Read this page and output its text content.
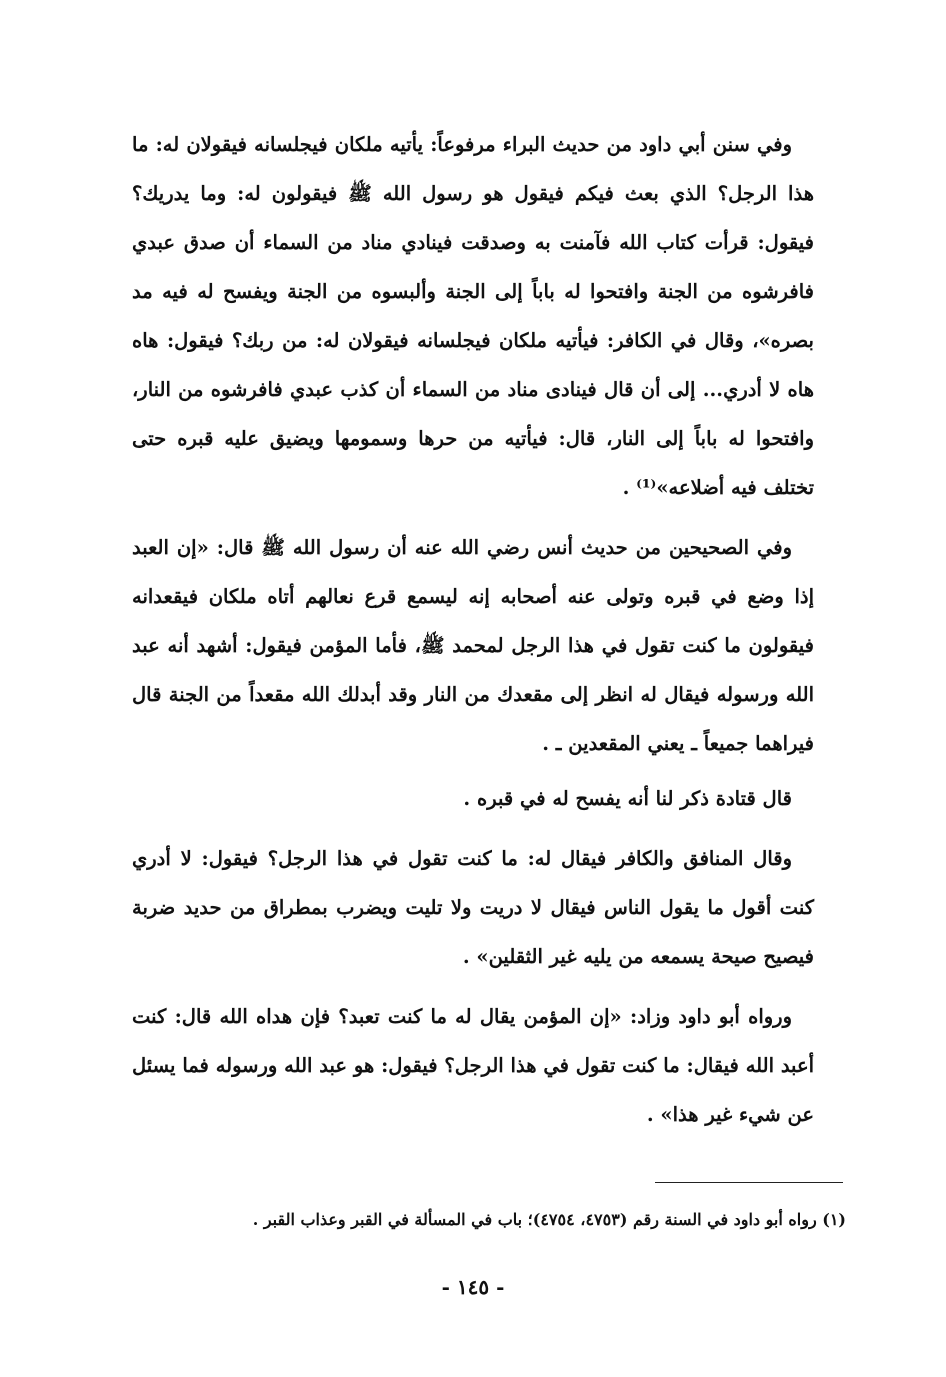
وفي سنن أبي داود من حديث البراء مرفوعاً: يأتيه ملكان فيجلسانه فيقولان له: ما هذا الرجل؟ الذي بعث فيكم فيقول هو رسول الله ﷺ فيقولون له: وما يدريك؟ فيقول: قرأت كتاب الله فآمنت به وصدقت فينادي مناد من السماء أن صدق عبدي فافرشوه من الجنة وافتحوا له باباً إلى الجنة وألبسوه من الجنة ويفسح له فيه مد بصره»، وقال في الكافر: فيأتيه ملكان فيجلسانه فيقولان له: من ربك؟ فيقول: هاه هاه لا أدري... إلى أن قال فينادى مناد من السماء أن كذب عبدي فافرشوه من النار، وافتحوا له باباً إلى النار، قال: فيأتيه من حرها وسمومها ويضيق عليه قبره حتى تختلف فيه أضلاعه»⁽¹⁾ .

وفي الصحيحين من حديث أنس رضي الله عنه أن رسول الله ﷺ قال: «إن العبد إذا وضع في قبره وتولى عنه أصحابه إنه ليسمع قرع نعالهم أتاه ملكان فيقعدانه فيقولون ما كنت تقول في هذا الرجل لمحمد ﷺ، فأما المؤمن فيقول: أشهد أنه عبد الله ورسوله فيقال له انظر إلى مقعدك من النار وقد أبدلك الله مقعداً من الجنة قال فيراهما جميعاً ـ يعني المقعدين ـ .

قال قتادة ذكر لنا أنه يفسح له في قبره .

وقال المنافق والكافر فيقال له: ما كنت تقول في هذا الرجل؟ فيقول: لا أدري كنت أقول ما يقول الناس فيقال لا دريت ولا تليت ويضرب بمطراق من حديد ضربة فيصيح صيحة يسمعه من يليه غير الثقلين» .

ورواه أبو داود وزاد: «إن المؤمن يقال له ما كنت تعبد؟ فإن هداه الله قال: كنت أعبد الله فيقال: ما كنت تقول في هذا الرجل؟ فيقول: هو عبد الله ورسوله فما يسئل عن شيء غير هذا» .

(١) رواه أبو داود في السنة رقم (٤٧٥٣، ٤٧٥٤)؛ باب في المسألة في القبر وعذاب القبر .
- ١٤٥ -
